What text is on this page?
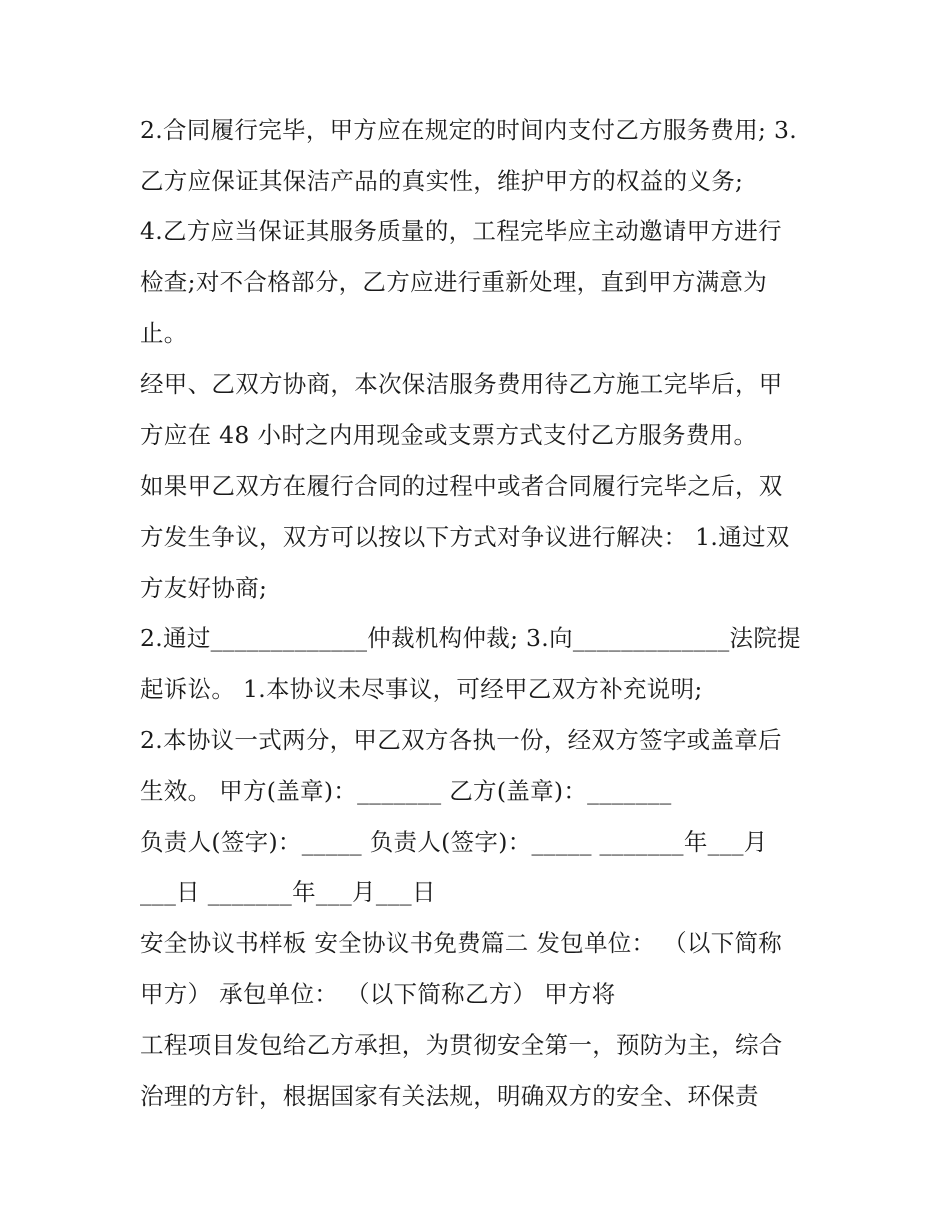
2.合同履行完毕，甲方应在规定的时间内支付乙方服务费用; 3.
乙方应保证其保洁产品的真实性，维护甲方的权益的义务;
4.乙方应当保证其服务质量的，工程完毕应主动邀请甲方进行
检查;对不合格部分，乙方应进行重新处理，直到甲方满意为
止。
经甲、乙双方协商，本次保洁服务费用待乙方施工完毕后，甲
方应在 48 小时之内用现金或支票方式支付乙方服务费用。
如果甲乙双方在履行合同的过程中或者合同履行完毕之后，双
方发生争议，双方可以按以下方式对争议进行解决： 1.通过双
方友好协商;
2.通过_____________仲裁机构仲裁; 3.向_____________法院提
起诉讼。 1.本协议未尽事议，可经甲乙双方补充说明;
2.本协议一式两分，甲乙双方各执一份，经双方签字或盖章后
生效。 甲方(盖章)：_______ 乙方(盖章)：_______
负责人(签字)：_____ 负责人(签字)：_____ _______年___月
___日 _______年___月___日
安全协议书样板 安全协议书免费篇二 发包单位： （以下简称
甲方） 承包单位： （以下简称乙方） 甲方将
工程项目发包给乙方承担，为贯彻安全第一，预防为主，综合
治理的方针，根据国家有关法规，明确双方的安全、环保责
